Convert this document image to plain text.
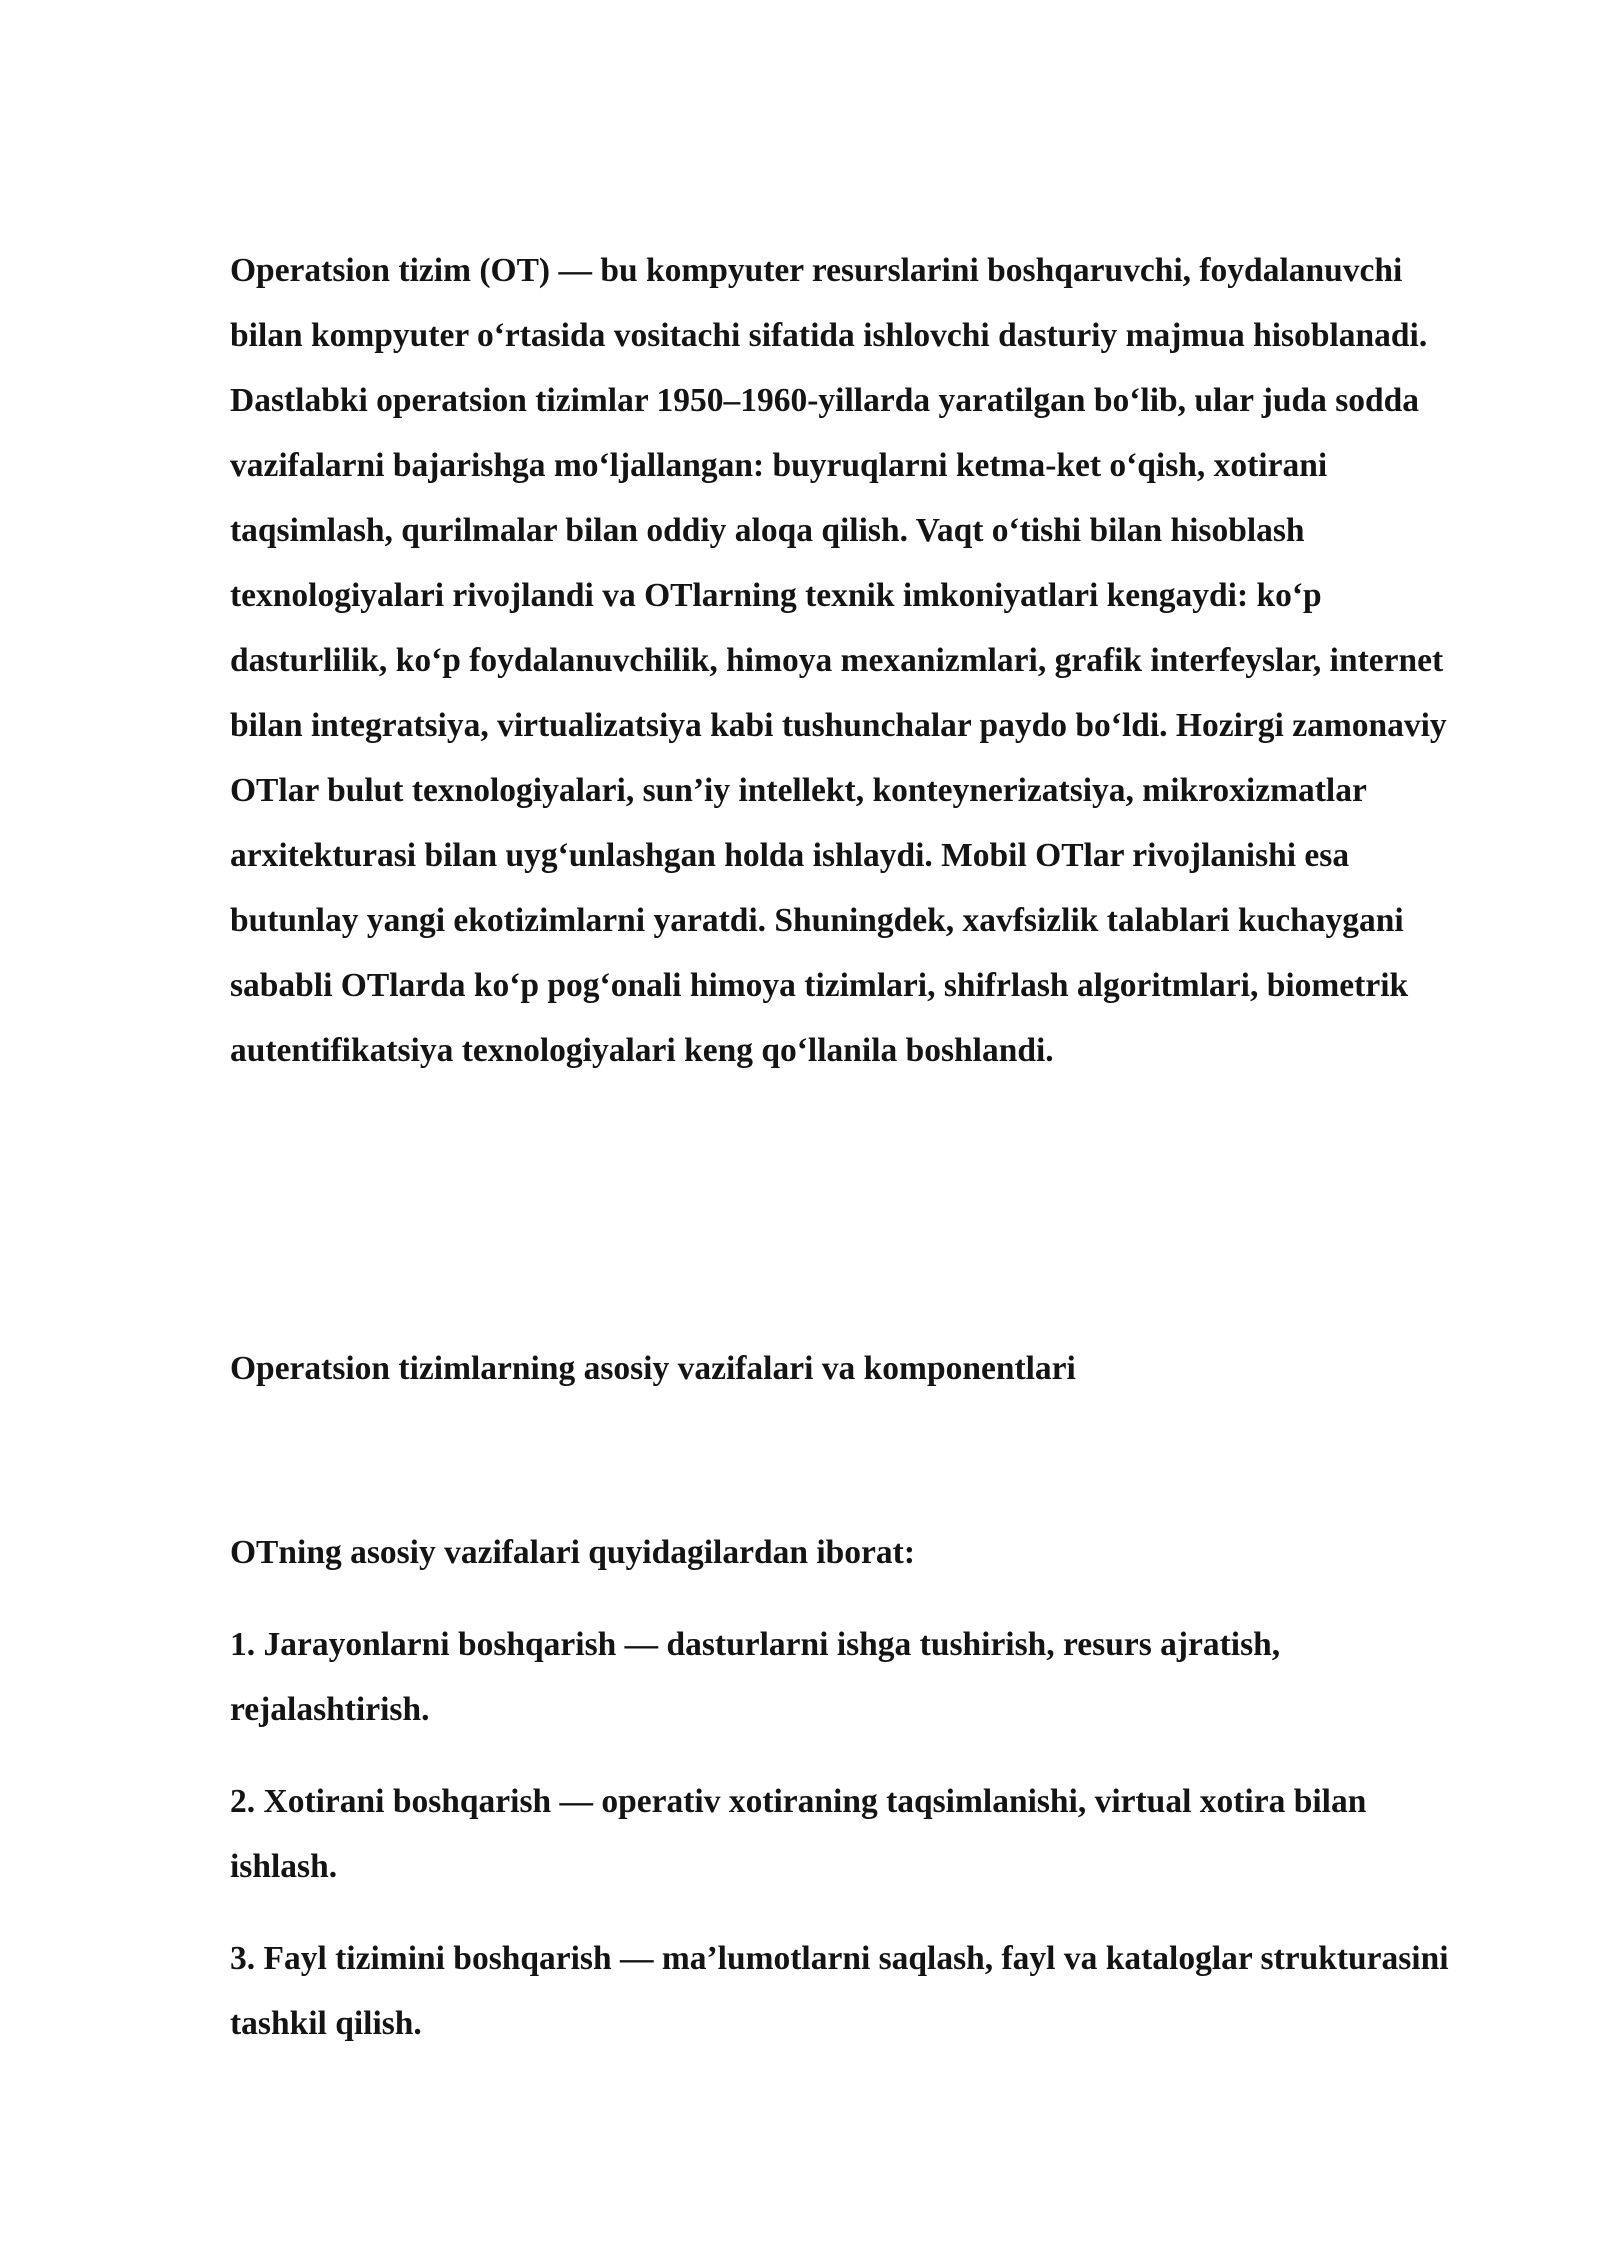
Operatsion tizim (OT) — bu kompyuter resurslarini boshqaruvchi, foydalanuvchi bilan kompyuter o‘rtasida vositachi sifatida ishlovchi dasturiy majmua hisoblanadi. Dastlabki operatsion tizimlar 1950–1960-yillarda yaratilgan bo‘lib, ular juda sodda vazifalarni bajarishga mo‘ljallangan: buyruqlarni ketma-ket o‘qish, xotirani taqsimlash, qurilmalar bilan oddiy aloqa qilish. Vaqt o‘tishi bilan hisoblash texnologiyalari rivojlandi va OTlarning texnik imkoniyatlari kengaydi: ko‘p dasturlilik, ko‘p foydalanuvchilik, himoya mexanizmlari, grafik interfeyslar, internet bilan integratsiya, virtualizatsiya kabi tushunchalar paydo bo‘ldi. Hozirgi zamonaviy OTlar bulut texnologiyalari, sun’iy intellekt, konteynerizatsiya, mikroxizmatlar arxitekturasi bilan uyg‘unlashgan holda ishlaydi. Mobil OTlar rivojlanishi esa butunlay yangi ekotizimlarni yaratdi. Shuningdek, xavfsizlik talablari kuchaygani sababli OTlarda ko‘p pog‘onali himoya tizimlari, shifrlash algoritmlari, biometrik autentifikatsiya texnologiyalari keng qo‘llanila boshlandi.

Operatsion tizimlarning asosiy vazifalari va komponentlari

OTning asosiy vazifalari quyidagilardan iborat:

1. Jarayonlarni boshqarish — dasturlarni ishga tushirish, resurs ajratish, rejalashtirish.
2. Xotirani boshqarish — operativ xotiraning taqsimlanishi, virtual xotira bilan ishlash.
3. Fayl tizimini boshqarish — ma’lumotlarni saqlash, fayl va kataloglar strukturasini tashkil qilish.
